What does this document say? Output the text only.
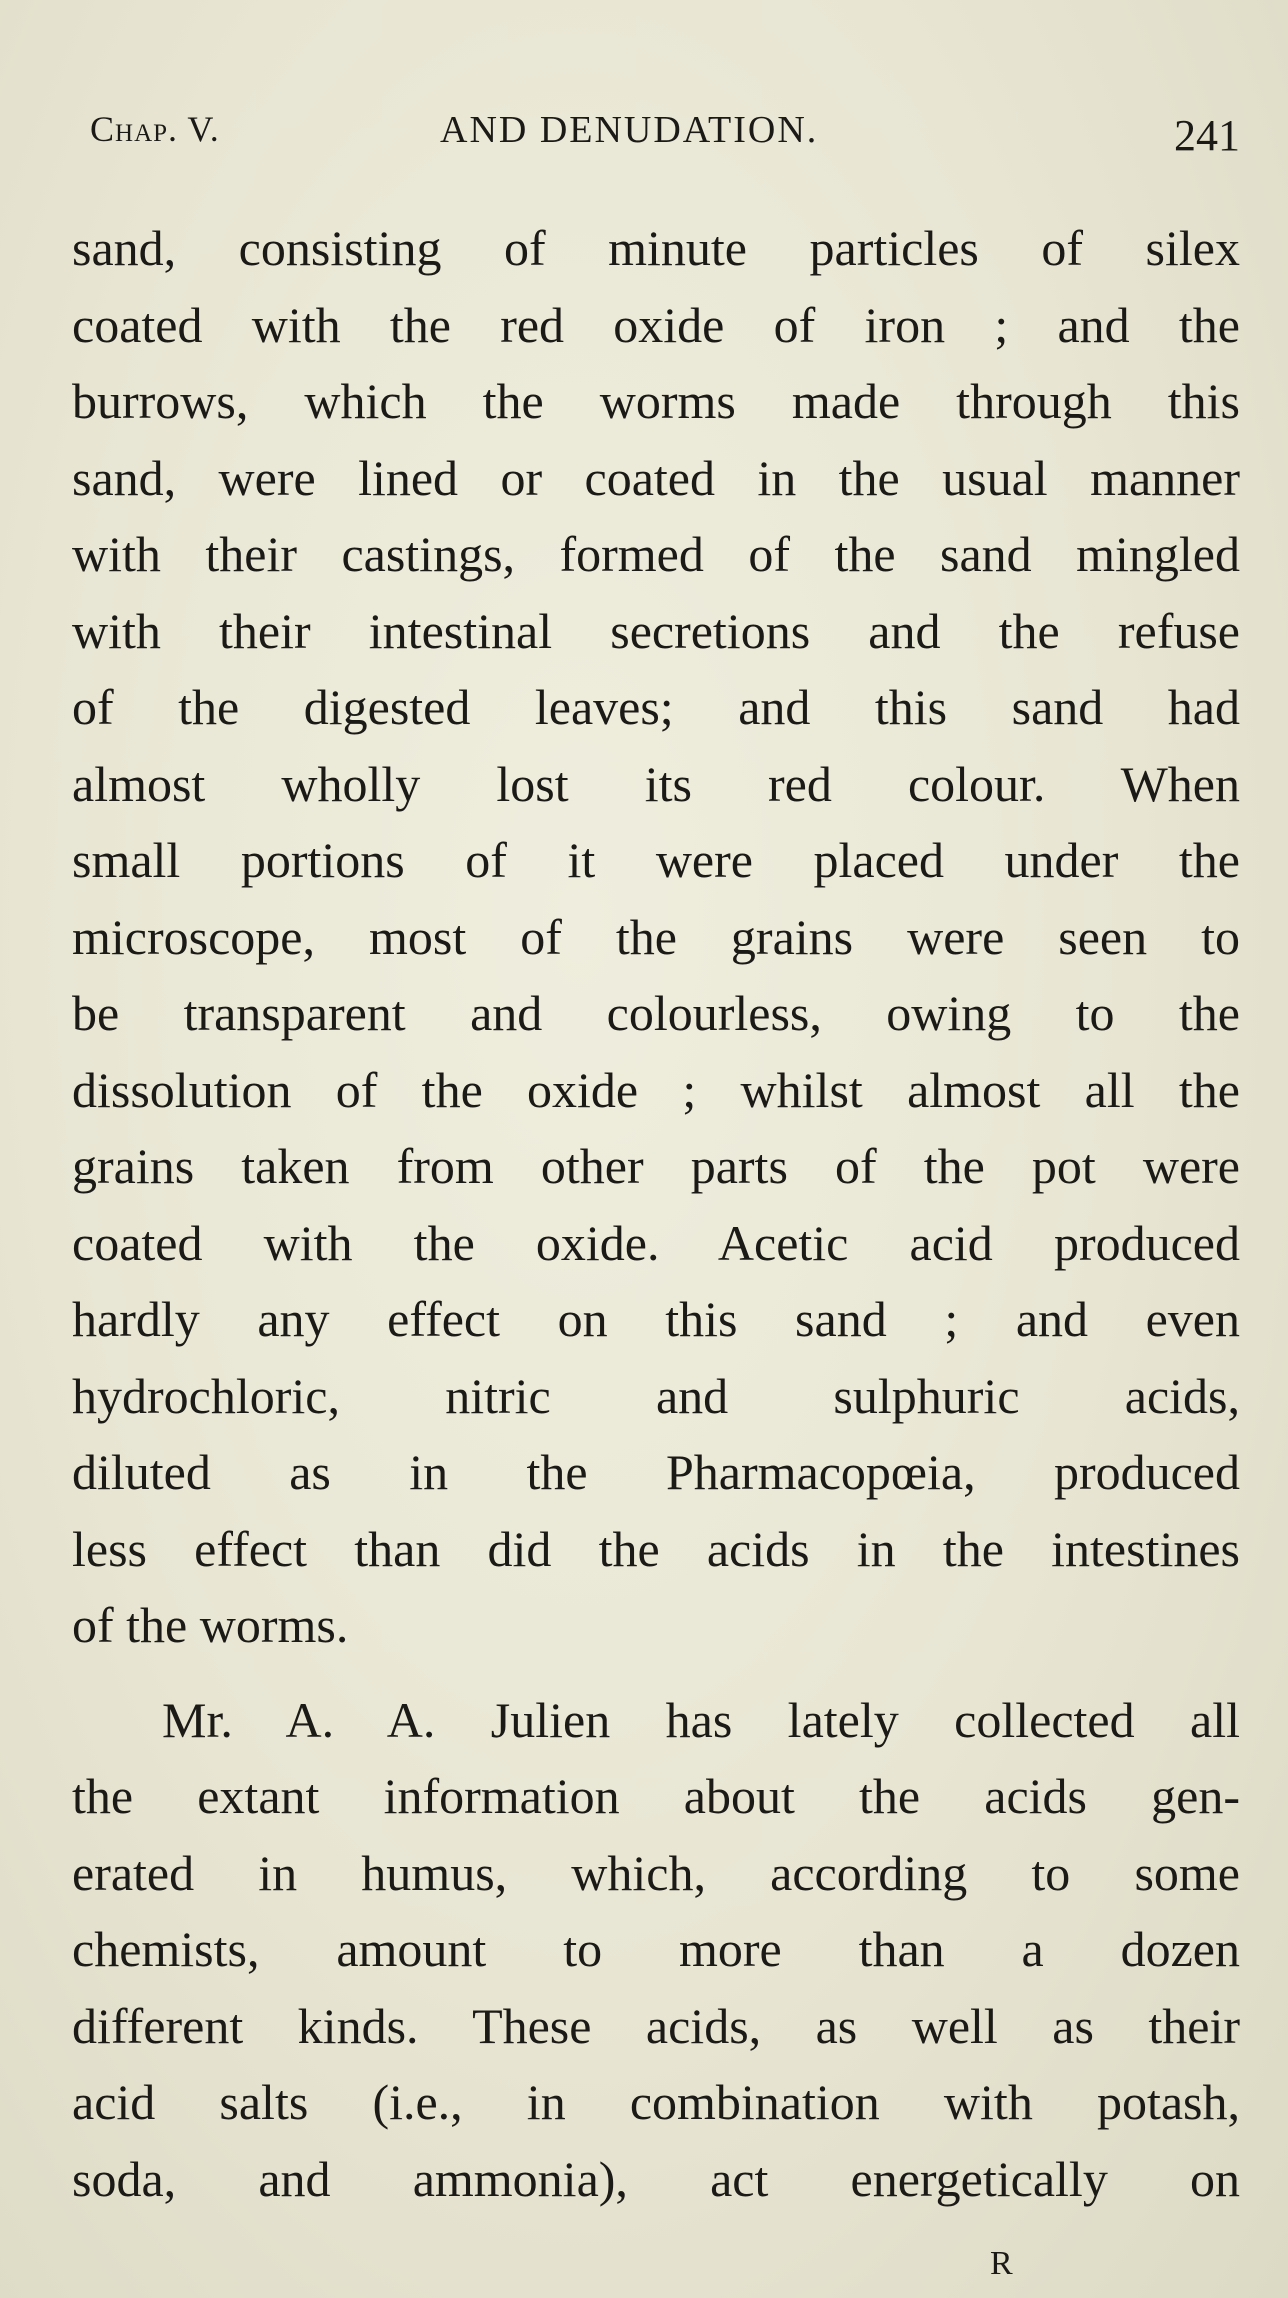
Chap. V.	AND DENUDATION.	241
sand, consisting of minute particles of silex
coated with the red oxide of iron ; and the
burrows, which the worms made through this
sand, were lined or coated in the usual manner
with their castings, formed of the sand mingled
with their intestinal secretions and the refuse
of the digested leaves; and this sand had
almost wholly lost its red colour. When
small portions of it were placed under the
microscope, most of the grains were seen to
be transparent and colourless, owing to the
dissolution of the oxide ; whilst almost all the
grains taken from other parts of the pot were
coated with the oxide. Acetic acid produced
hardly any effect on this sand ; and even
hydrochloric, nitric and sulphuric acids,
diluted as in the Pharmacopœia, produced
less effect than did the acids in the intestines
of the worms.
Mr. A. A. Julien has lately collected all
the extant information about the acids gen-
erated in humus, which, according to some
chemists, amount to more than a dozen
different kinds. These acids, as well as their
acid salts (i.e., in combination with potash,
soda, and ammonia), act energetically on
R
